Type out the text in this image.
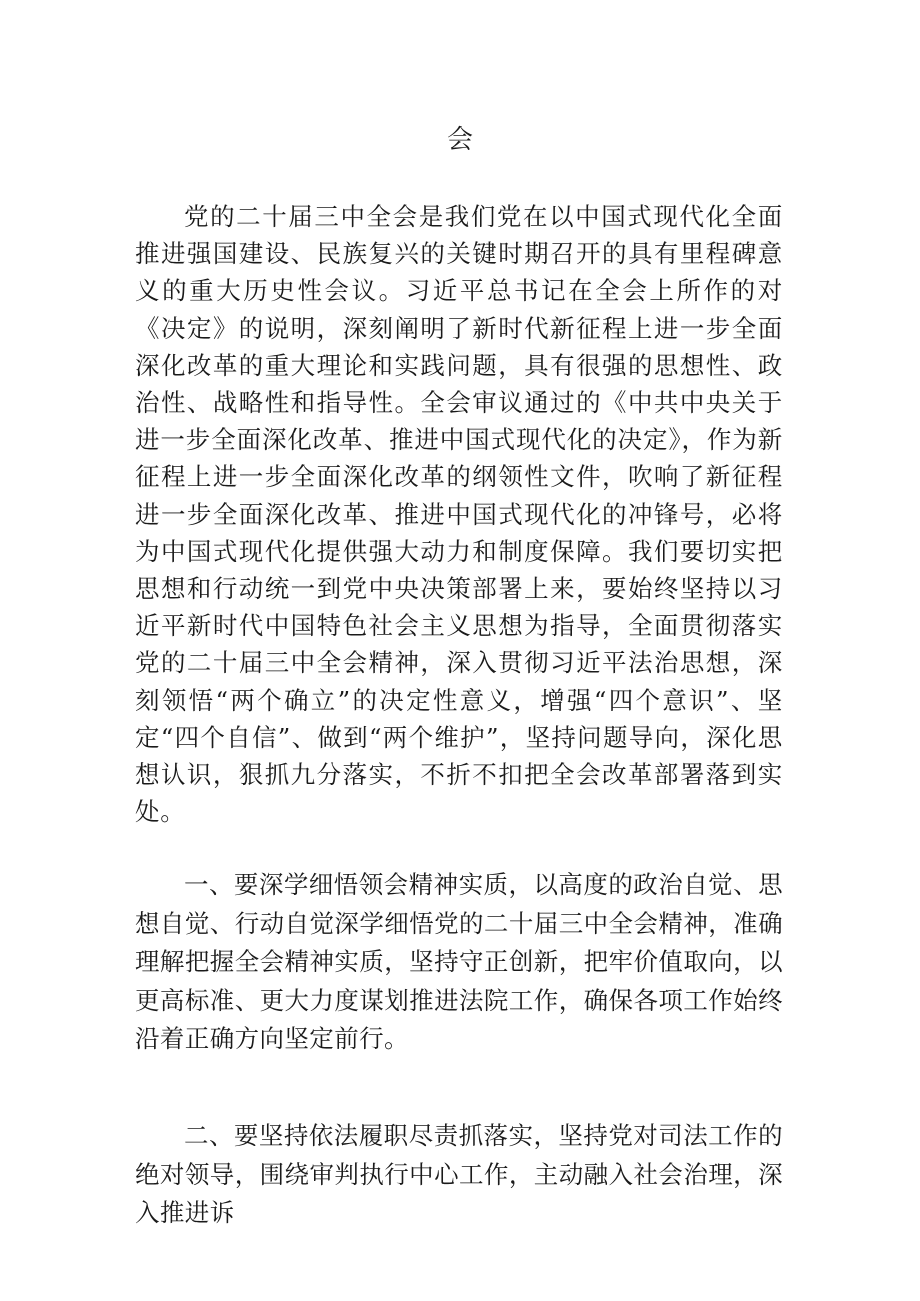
会

党的二十届三中全会是我们党在以中国式现代化全面推进强国建设、民族复兴的关键时期召开的具有里程碑意义的重大历史性会议。习近平总书记在全会上所作的对《决定》的说明，深刻阐明了新时代新征程上进一步全面深化改革的重大理论和实践问题，具有很强的思想性、政治性、战略性和指导性。全会审议通过的《中共中央关于进一步全面深化改革、推进中国式现代化的决定》，作为新征程上进一步全面深化改革的纲领性文件，吹响了新征程进一步全面深化改革、推进中国式现代化的冲锋号，必将为中国式现代化提供强大动力和制度保障。我们要切实把思想和行动统一到党中央决策部署上来，要始终坚持以习近平新时代中国特色社会主义思想为指导，全面贯彻落实党的二十届三中全会精神，深入贯彻习近平法治思想，深刻领悟“两个确立”的决定性意义，增强“四个意识”、坚定“四个自信”、做到“两个维护”，坚持问题导向，深化思想认识，狠抓九分落实，不折不扣把全会改革部署落到实处。

一、要深学细悟领会精神实质，以高度的政治自觉、思想自觉、行动自觉深学细悟党的二十届三中全会精神，准确理解把握全会精神实质，坚持守正创新，把牢价值取向，以更高标准、更大力度谋划推进法院工作，确保各项工作始终沿着正确方向坚定前行。

二、要坚持依法履职尽责抓落实，坚持党对司法工作的绝对领导，围绕审判执行中心工作，主动融入社会治理，深入推进诉
